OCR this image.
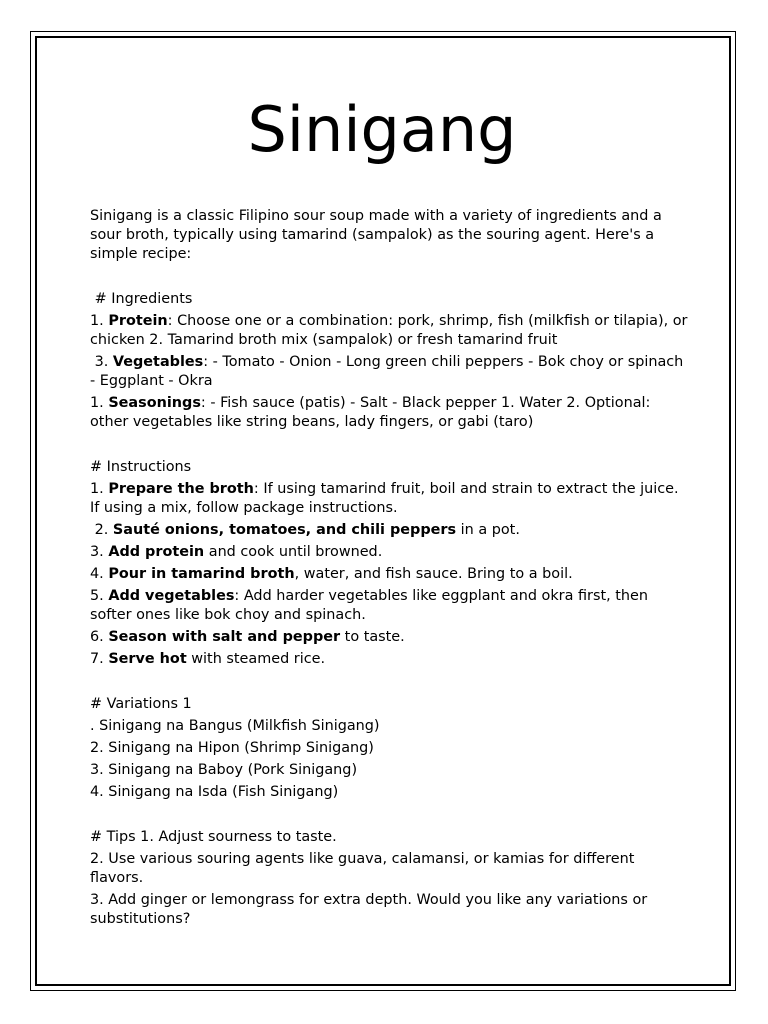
Sinigang

Sinigang is a classic Filipino sour soup made with a variety of ingredients and a sour broth, typically using tamarind (sampalok) as the souring agent. Here's a simple recipe:

# Ingredients
1. Protein: Choose one or a combination: pork, shrimp, fish (milkfish or tilapia), or chicken 2. Tamarind broth mix (sampalok) or fresh tamarind fruit
3. Vegetables: - Tomato - Onion - Long green chili peppers - Bok choy or spinach - Eggplant - Okra
1. Seasonings: - Fish sauce (patis) - Salt - Black pepper 1. Water 2. Optional: other vegetables like string beans, lady fingers, or gabi (taro)
# Instructions
1. Prepare the broth: If using tamarind fruit, boil and strain to extract the juice. If using a mix, follow package instructions.
2. Sauté onions, tomatoes, and chili peppers in a pot.
3. Add protein and cook until browned.
4. Pour in tamarind broth, water, and fish sauce. Bring to a boil.
5. Add vegetables: Add harder vegetables like eggplant and okra first, then softer ones like bok choy and spinach.
6. Season with salt and pepper to taste.
7. Serve hot with steamed rice.
# Variations 1
. Sinigang na Bangus (Milkfish Sinigang)
2. Sinigang na Hipon (Shrimp Sinigang)
3. Sinigang na Baboy (Pork Sinigang)
4. Sinigang na Isda (Fish Sinigang)
# Tips 1. Adjust sourness to taste.
2. Use various souring agents like guava, calamansi, or kamias for different flavors.
3. Add ginger or lemongrass for extra depth. Would you like any variations or substitutions?
